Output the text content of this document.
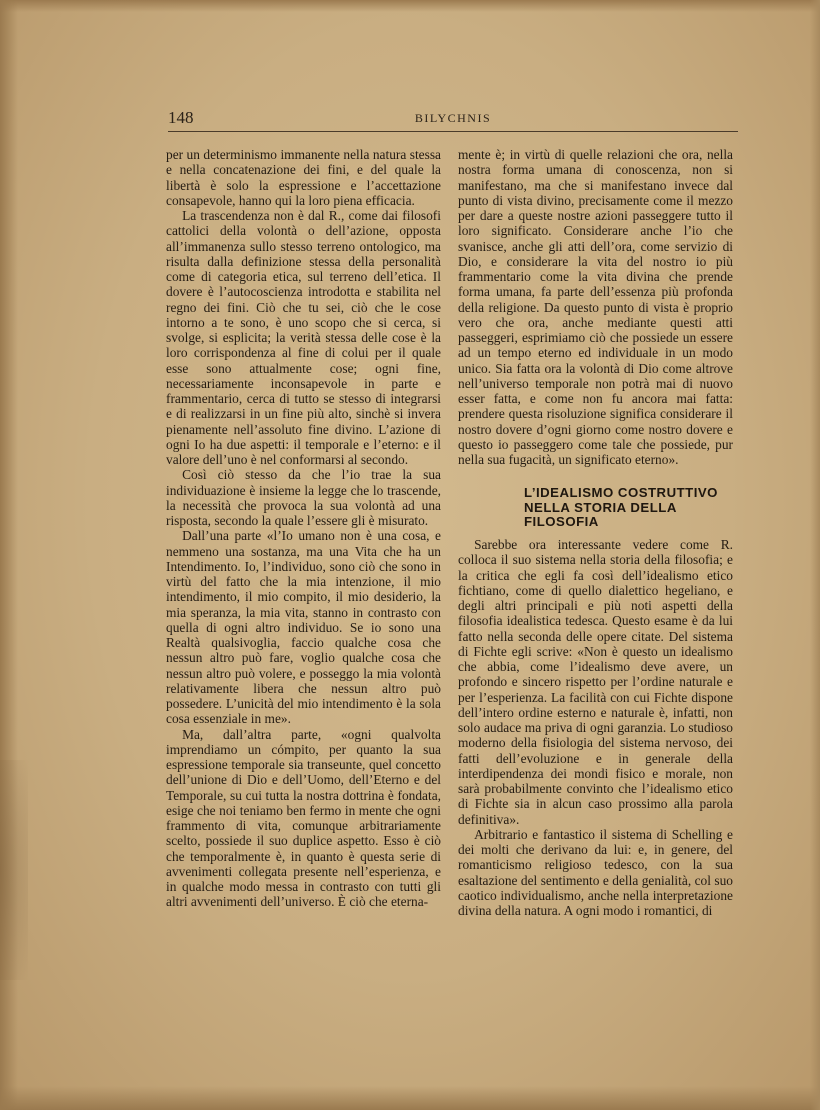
148	BILYCHNIS

per un determinismo immanente nella natura stessa e nella concatenazione dei fini, e del quale la libertà è solo la espressione e l’accettazione consapevole, hanno qui la loro piena efficacia.

La trascendenza non è dal R., come dai filosofi cattolici della volontà o dell’azione, opposta all’immanenza sullo stesso terreno ontologico, ma risulta dalla definizione stessa della personalità come di categoria etica, sul terreno dell’etica. Il dovere è l’autocoscienza introdotta e stabilita nel regno dei fini. Ciò che tu sei, ciò che le cose intorno a te sono, è uno scopo che si cerca, si svolge, si esplicita; la verità stessa delle cose è la loro corrispondenza al fine di colui per il quale esse sono attualmente cose; ogni fine, necessariamente inconsapevole in parte e frammentario, cerca di tutto se stesso di integrarsi e di realizzarsi in un fine più alto, sinchè si invera pienamente nell’assoluto fine divino. L’azione di ogni Io ha due aspetti: il temporale e l’eterno: e il valore dell’uno è nel conformarsi al secondo.

Così ciò stesso da che l’io trae la sua individuazione è insieme la legge che lo trascende, la necessità che provoca la sua volontà ad una risposta, secondo la quale l’essere gli è misurato.

Dall’una parte «l’Io umano non è una cosa, e nemmeno una sostanza, ma una Vita che ha un Intendimento. Io, l’individuo, sono ciò che sono in virtù del fatto che la mia intenzione, il mio intendimento, il mio compito, il mio desiderio, la mia speranza, la mia vita, stanno in contrasto con quella di ogni altro individuo. Se io sono una Realtà qualsivoglia, faccio qualche cosa che nessun altro può fare, voglio qualche cosa che nessun altro può volere, e posseggo la mia volontà relativamente libera che nessun altro può possedere. L’unicità del mio intendimento è la sola cosa essenziale in me».

Ma, dall’altra parte, «ogni qualvolta imprendiamo un cómpito, per quanto la sua espressione temporale sia transeunte, quel concetto dell’unione di Dio e dell’Uomo, dell’Eterno e del Temporale, su cui tutta la nostra dottrina è fondata, esige che noi teniamo ben fermo in mente che ogni frammento di vita, comunque arbitrariamente scelto, possiede il suo duplice aspetto. Esso è ciò che temporalmente è, in quanto è questa serie di avvenimenti collegata presente nell’esperienza, e in qualche modo messa in contrasto con tutti gli altri avvenimenti dell’universo. È ciò che eterna-

mente è; in virtù di quelle relazioni che ora, nella nostra forma umana di conoscenza, non si manifestano, ma che si manifestano invece dal punto di vista divino, precisamente come il mezzo per dare a queste nostre azioni passeggere tutto il loro significato. Considerare anche l’io che svanisce, anche gli atti dell’ora, come servizio di Dio, e considerare la vita del nostro io più frammentario come la vita divina che prende forma umana, fa parte dell’essenza più profonda della religione. Da questo punto di vista è proprio vero che ora, anche mediante questi atti passeggeri, esprimiamo ciò che possiede un essere ad un tempo eterno ed individuale in un modo unico. Sia fatta ora la volontà di Dio come altrove nell’universo temporale non potrà mai di nuovo esser fatta, e come non fu ancora mai fatta: prendere questa risoluzione significa considerare il nostro dovere d’ogni giorno come nostro dovere e questo io passeggero come tale che possiede, pur nella sua fugacità, un significato eterno».

L’IDEALISMO COSTRUTTIVO NELLA STORIA DELLA FILOSOFIA

Sarebbe ora interessante vedere come R. colloca il suo sistema nella storia della filosofia; e la critica che egli fa così dell’idealismo etico fichtiano, come di quello dialettico hegeliano, e degli altri principali e più noti aspetti della filosofia idealistica tedesca. Questo esame è da lui fatto nella seconda delle opere citate. Del sistema di Fichte egli scrive: «Non è questo un idealismo che abbia, come l’idealismo deve avere, un profondo e sincero rispetto per l’ordine naturale e per l’esperienza. La facilità con cui Fichte dispone dell’intero ordine esterno e naturale è, infatti, non solo audace ma priva di ogni garanzia. Lo studioso moderno della fisiologia del sistema nervoso, dei fatti dell’evoluzione e in generale della interdipendenza dei mondi fisico e morale, non sarà probabilmente convinto che l’idealismo etico di Fichte sia in alcun caso prossimo alla parola definitiva».

Arbitrario e fantastico il sistema di Schelling e dei molti che derivano da lui: e, in genere, del romanticismo religioso tedesco, con la sua esaltazione del sentimento e della genialità, col suo caotico individualismo, anche nella interpretazione divina della natura. A ogni modo i romantici, di
